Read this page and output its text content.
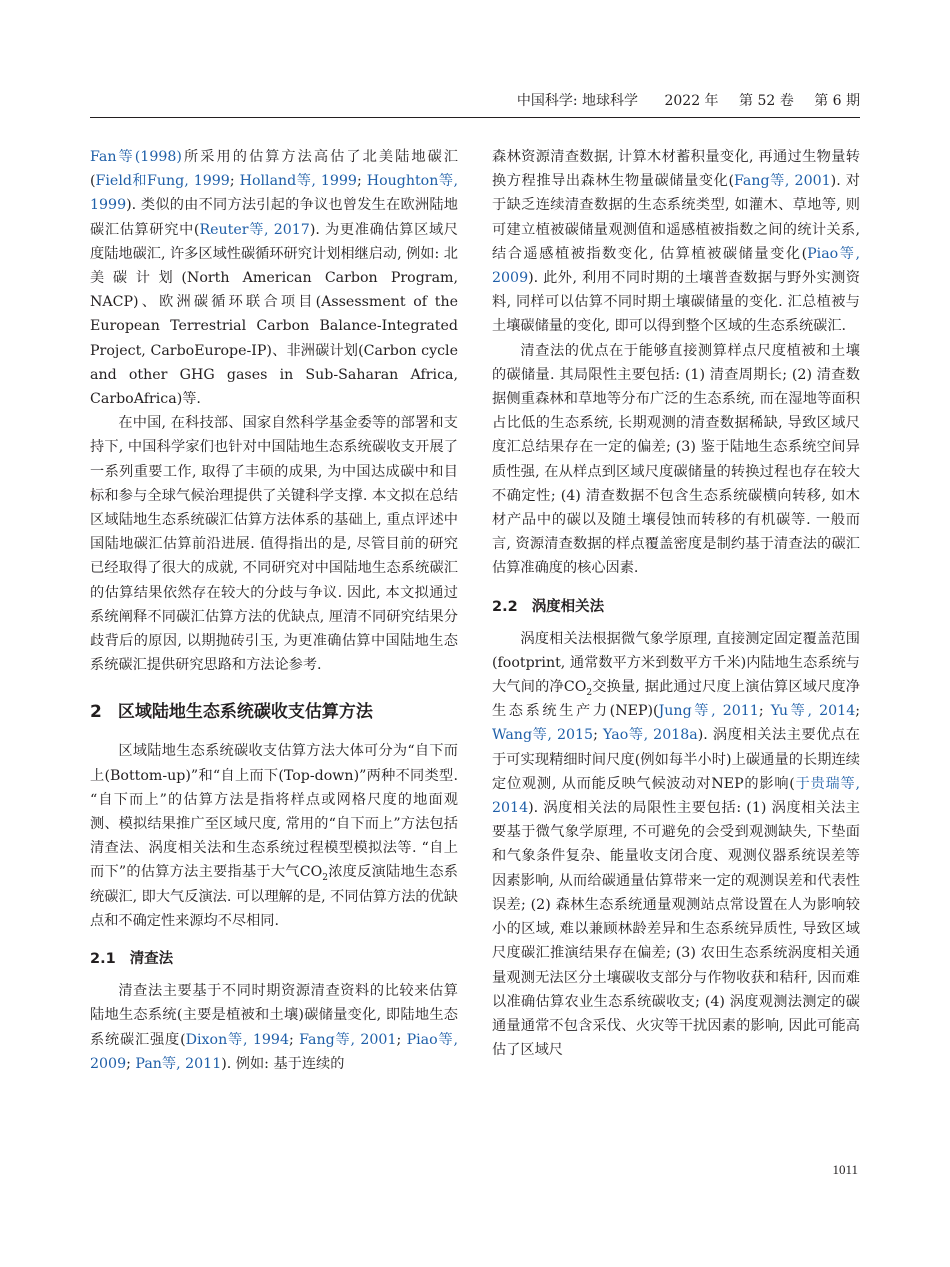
中国科学: 地球科学 2022 年 第 52 卷 第 6 期

Fan等(1998)所采用的估算方法高估了北美陆地碳汇(Field和Fung, 1999; Holland等, 1999; Houghton等, 1999). 类似的由不同方法引起的争议也曾发生在欧洲陆地碳汇估算研究中(Reuter等, 2017). 为更准确估算区域尺度陆地碳汇, 许多区域性碳循环研究计划相继启动, 例如: 北美碳计划(North American Carbon Program, NACP)、欧洲碳循环联合项目(Assessment of the European Terrestrial Carbon Balance-Integrated Project, CarboEurope-IP)、非洲碳计划(Carbon cycle and other GHG gases in Sub-Saharan Africa, CarboAfrica)等.

在中国, 在科技部、国家自然科学基金委等的部署和支持下, 中国科学家们也针对中国陆地生态系统碳收支开展了一系列重要工作, 取得了丰硕的成果, 为中国达成碳中和目标和参与全球气候治理提供了关键科学支撑. 本文拟在总结区域陆地生态系统碳汇估算方法体系的基础上, 重点评述中国陆地碳汇估算前沿进展. 值得指出的是, 尽管目前的研究已经取得了很大的成就, 不同研究对中国陆地生态系统碳汇的估算结果依然存在较大的分歧与争议. 因此, 本文拟通过系统阐释不同碳汇估算方法的优缺点, 厘清不同研究结果分歧背后的原因, 以期抛砖引玉, 为更准确估算中国陆地生态系统碳汇提供研究思路和方法论参考.

2 区域陆地生态系统碳收支估算方法

区域陆地生态系统碳收支估算方法大体可分为“自下而上(Bottom-up)”和“自上而下(Top-down)”两种不同类型. “自下而上”的估算方法是指将样点或网格尺度的地面观测、模拟结果推广至区域尺度, 常用的“自下而上”方法包括清查法、涡度相关法和生态系统过程模型模拟法等. “自上而下”的估算方法主要指基于大气$CO_2$浓度反演陆地生态系统碳汇, 即大气反演法. 可以理解的是, 不同估算方法的优缺点和不确定性来源均不尽相同.

2.1 清查法

清查法主要基于不同时期资源清查资料的比较来估算陆地生态系统(主要是植被和土壤)碳储量变化, 即陆地生态系统碳汇强度(Dixon等, 1994; Fang等, 2001; Piao等, 2009; Pan等, 2011). 例如: 基于连续的

森林资源清查数据, 计算木材蓄积量变化, 再通过生物量转换方程推导出森林生物量碳储量变化(Fang等, 2001). 对于缺乏连续清查数据的生态系统类型, 如灌木、草地等, 则可建立植被碳储量观测值和遥感植被指数之间的统计关系, 结合遥感植被指数变化, 估算植被碳储量变化(Piao等, 2009). 此外, 利用不同时期的土壤普查数据与野外实测资料, 同样可以估算不同时期土壤碳储量的变化. 汇总植被与土壤碳储量的变化, 即可以得到整个区域的生态系统碳汇.

清查法的优点在于能够直接测算样点尺度植被和土壤的碳储量. 其局限性主要包括: (1) 清查周期长; (2) 清查数据侧重森林和草地等分布广泛的生态系统, 而在湿地等面积占比低的生态系统, 长期观测的清查数据稀缺, 导致区域尺度汇总结果存在一定的偏差; (3) 鉴于陆地生态系统空间异质性强, 在从样点到区域尺度碳储量的转换过程也存在较大不确定性; (4) 清查数据不包含生态系统碳横向转移, 如木材产品中的碳以及随土壤侵蚀而转移的有机碳等. 一般而言, 资源清查数据的样点覆盖密度是制约基于清查法的碳汇估算准确度的核心因素.

2.2 涡度相关法

涡度相关法根据微气象学原理, 直接测定固定覆盖范围(footprint, 通常数平方米到数平方千米)内陆地生态系统与大气间的净$CO_2$交换量, 据此通过尺度上演估算区域尺度净生态系统生产力(NEP)(Jung等, 2011; Yu等, 2014; Wang等, 2015; Yao等, 2018a). 涡度相关法主要优点在于可实现精细时间尺度(例如每半小时)上碳通量的长期连续定位观测, 从而能反映气候波动对NEP的影响(于贵瑞等, 2014). 涡度相关法的局限性主要包括: (1) 涡度相关法主要基于微气象学原理, 不可避免的会受到观测缺失, 下垫面和气象条件复杂、能量收支闭合度、观测仪器系统误差等因素影响, 从而给碳通量估算带来一定的观测误差和代表性误差; (2) 森林生态系统通量观测站点常设置在人为影响较小的区域, 难以兼顾林龄差异和生态系统异质性, 导致区域尺度碳汇推演结果存在偏差; (3) 农田生态系统涡度相关通量观测无法区分土壤碳收支部分与作物收获和秸秆, 因而难以准确估算农业生态系统碳收支; (4) 涡度观测法测定的碳通量通常不包含采伐、火灾等干扰因素的影响, 因此可能高估了区域尺

1011
